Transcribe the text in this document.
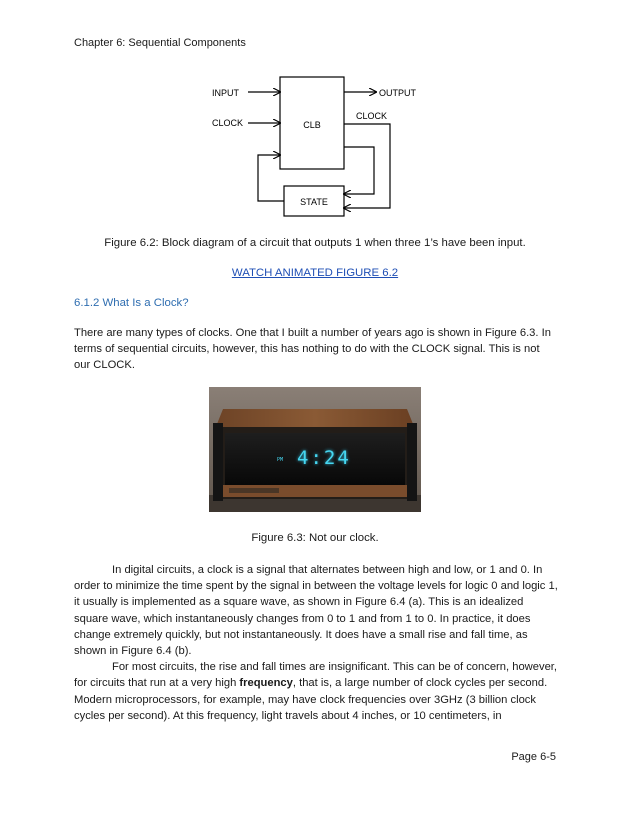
Chapter 6: Sequential Components
CLB
STATE
INPUT
CLOCK
OUTPUT
CLOCK
Figure 6.2: Block diagram of a circuit that outputs 1 when three 1’s have been input.
WATCH ANIMATED FIGURE 6.2
6.1.2 What Is a Clock?

There are many types of clocks. One that I built a number of years ago is shown in Figure 6.3. In terms of sequential circuits, however, this has nothing to do with the CLOCK signal. This is not our CLOCK.

PM 4:24
Figure 6.3: Not our clock.

In digital circuits, a clock is a signal that alternates between high and low, or 1 and 0. In order to minimize the time spent by the signal in between the voltage levels for logic 0 and logic 1, it usually is implemented as a square wave, as shown in Figure 6.4 (a). This is an idealized square wave, which instantaneously changes from 0 to 1 and from 1 to 0. In practice, it does change extremely quickly, but not instantaneously. It does have a small rise and fall time, as shown in Figure 6.4 (b).

For most circuits, the rise and fall times are insignificant. This can be of concern, however, for circuits that run at a very high frequency, that is, a large number of clock cycles per second. Modern microprocessors, for example, may have clock frequencies over 3GHz (3 billion clock cycles per second). At this frequency, light travels about 4 inches, or 10 centimeters, in

Page 6-5
